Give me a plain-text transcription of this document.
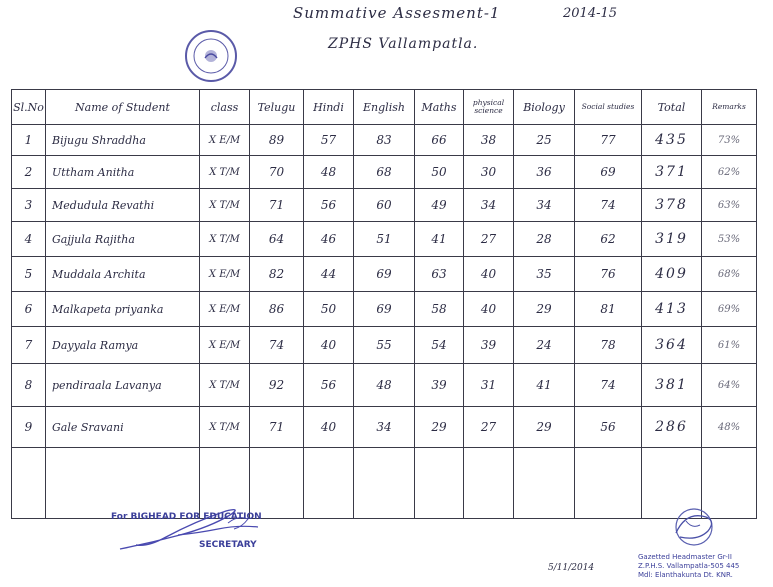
Summative Assesment-1	2014-15
ZPHS Vallampatla.
Sl.No	Name of Student	class	Telugu	Hindi	English	Maths	physical science	Biology	Social studies	Total	Remarks
1	Bijugu Shraddha	X E/M	89	57	83	66	38	25	77	435	73%
2	Uttham Anitha	X T/M	70	48	68	50	30	36	69	371	62%
3	Medudula Revathi	X T/M	71	56	60	49	34	34	74	378	63%
4	Gajjula Rajitha	X T/M	64	46	51	41	27	28	62	319	53%
5	Muddala Archita	X E/M	82	44	69	63	40	35	76	409	68%
6	Malkapeta priyanka	X E/M	86	50	69	58	40	29	81	413	69%
7	Dayyala Ramya	X E/M	74	40	55	54	39	24	78	364	61%
8	pendiraala Lavanya	X T/M	92	56	48	39	31	41	74	381	64%
9	Gale Sravani	X T/M	71	40	34	29	27	29	56	286	48%

For BIGHEAD FOR EDUCATION
SECRETARY
Gazetted Headmaster Gr-II
Z.P.H.S. Vallampatla-505 445
Mdl: Elanthakunta Dt. KNR.
5/11/2014
